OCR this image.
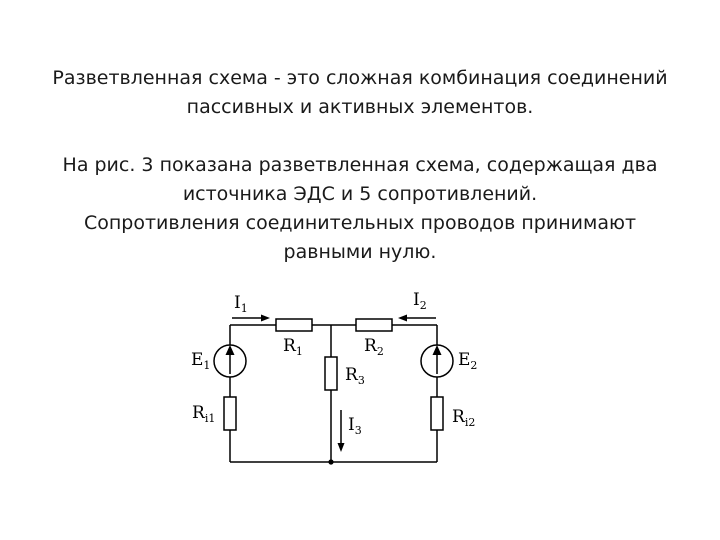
Разветвленная схема - это сложная комбинация соединений

пассивных и активных элементов.

На рис. 3 показана разветвленная схема, содержащая два

источника ЭДС и 5 сопротивлений.

Сопротивления соединительных проводов принимают

равными нулю.

$I_1$	$I_2$
$I_3$
$E_1$	$E_2$
$R_1$	$R_2$
$R_3$
$R_{i1}$	$R_{i2}$
